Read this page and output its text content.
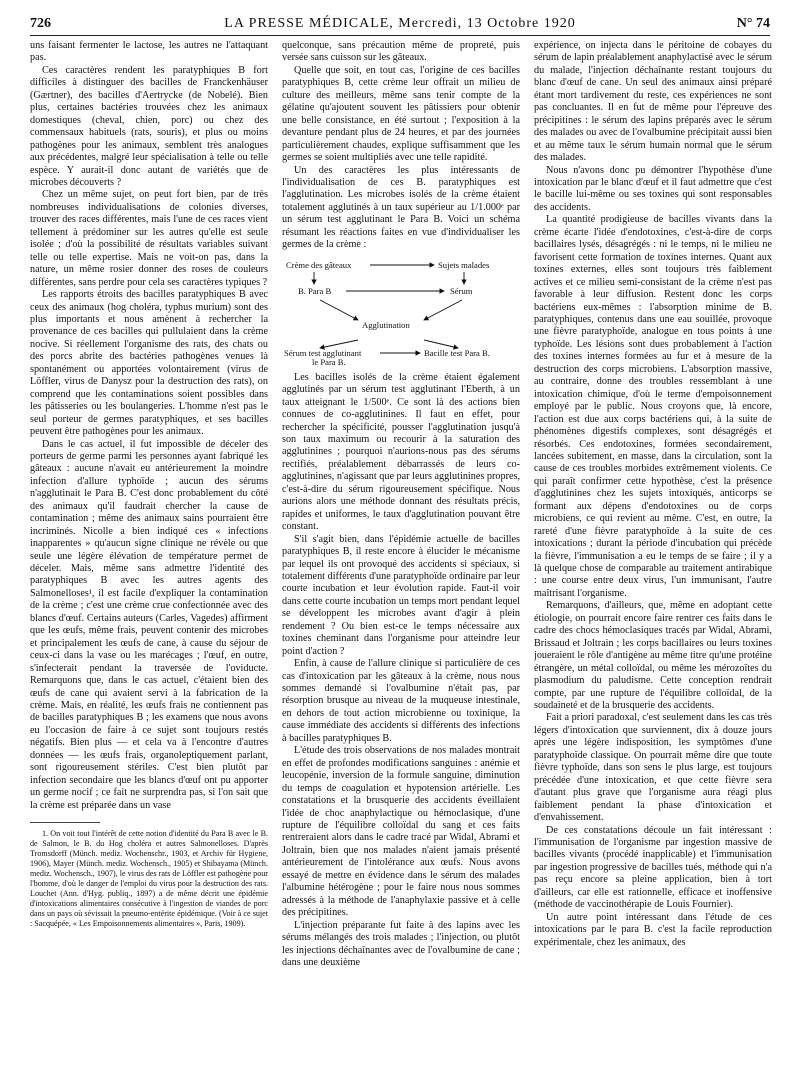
726	LA PRESSE MÉDICALE, Mercredi, 13 Octobre 1920	N° 74

uns faisant fermenter le lactose, les autres ne l'attaquant pas.

Ces caractères rendent les paratyphiques B fort difficiles à distinguer des bacilles de Franckenhäuser (Gærtner), des bacilles d'Aertrycke (de Nobelé). Bien plus, certaines bactéries trouvées chez les animaux domestiques (cheval, chien, porc) ou chez des commensaux habituels (rats, souris), et plus ou moins pathogènes pour les animaux, semblent très analogues aux précédentes, malgré leur spécialisation à telle ou telle espèce. Y aurait-il donc autant de variétés que de microbes découverts ?

Chez un même sujet, on peut fort bien, par de très nombreuses individualisations de colonies diverses, trouver des races différentes, mais l'une de ces races vient tellement à prédominer sur les autres qu'elle est seule isolée ; d'où la possibilité de résultats variables suivant telle ou telle expertise. Mais ne voit-on pas, dans la nature, un même rosier donner des roses de couleurs différentes, sans perdre pour cela ses caractères typiques ?

Les rapports étroits des bacilles paratyphiques B avec ceux des animaux (hog choléra, typhus murium) sont des plus importants et nous amènent à rechercher la provenance de ces bacilles qui pullulaient dans la crème nocive. Si réellement l'organisme des rats, des chats ou des porcs abrite des bactéries pathogènes venues là spontanément ou apportées volontairement (virus de Löffler, virus de Danysz pour la destruction des rats), on comprend que les contaminations soient possibles dans les pâtisseries ou les boulangeries. L'homme n'est pas le seul porteur de germes paratyphiques, et ses bacilles peuvent être pathogènes pour les animaux.

Dans le cas actuel, il fut impossible de déceler des porteurs de germe parmi les personnes ayant fabriqué les gâteaux : aucune n'avait eu antérieurement la moindre infection d'allure typhoïde ; aucun des sérums n'agglutinait le Para B. C'est donc probablement du côté des animaux qu'il faudrait chercher la cause de contamination ; même des animaux sains pourraient être incriminés. Nicolle a bien indiqué ces « infections inapparentes » qu'aucun signe clinique ne révèle ou que seule une légère élévation de température permet de déceler. Mais, même sans admettre l'identité des paratyphiques B avec les autres agents des Salmonelloses¹, il est facile d'expliquer la contamination de la crème ; c'est une crème crue confectionnée avec des blancs d'œuf. Certains auteurs (Carles, Vagedes) affirment que les œufs, même frais, peuvent contenir des microbes et principalement les œufs de cane, à cause du séjour de ceux-ci dans la vase ou les marécages ; l'œuf, en outre, s'infecterait pendant la traversée de l'oviducte. Remarquons que, dans le cas actuel, c'étaient bien des œufs de cane qui avaient servi à la fabrication de la crème. Mais, en réalité, les œufs frais ne contiennent pas de bacilles paratyphiques B ; les examens que nous avons eu l'occasion de faire à ce sujet sont toujours restés négatifs. Bien plus — et cela va à l'encontre d'autres données — les œufs frais, organoleptiquement parlant, sont rigoureusement stériles. C'est bien plutôt par infection secondaire que les blancs d'œuf ont pu apporter un germe nocif ; ce fait ne surprendra pas, si l'on sait que la crème est préparée dans un vase

1. On voit tout l'intérêt de cette notion d'identité du Para B avec le B. de Salmon, le B. du Hog choléra et autres Salmonelloses. D'après Tromsdorff (Münch. mediz. Wochenschr., 1903, et Archiv für Hygiene, 1906), Mayer (Münch. mediz. Wochensch., 1905) et Shibayama (Münch. mediz. Wochensch., 1907), le virus des rats de Löffler est pathogène pour l'homme, d'où le danger de l'emploi du virus pour la destruction des rats. Louchet (Ann. d'Hyg. publiq., 1897) a de même décrit une épidémie d'intoxications alimentaires consécutive à l'ingestion de viandes de porc dans un pays où sévissait la pneumo-entérite épidémique. (Voir à ce sujet : Sacquépée, « Les Empoisonnements alimentaires », Paris, 1909).

quelconque, sans précaution même de propreté, puis versée sans cuisson sur les gâteaux.

Quelle que soit, en tout cas, l'origine de ces bacilles paratyphiques B, cette crème leur offrait un milieu de culture des meilleurs, même sans tenir compte de la gélatine qu'ajoutent souvent les pâtissiers pour obtenir une belle consistance, en été surtout ; l'exposition à la devanture pendant plus de 24 heures, et par des journées particulièrement chaudes, explique suffisamment que les germes se soient multipliés avec une telle rapidité.

Un des caractères les plus intéressants de l'individualisation de ces B. paratyphiques est l'agglutination. Les microbes isolés de la crème étaient totalement agglutinés à un taux supérieur au 1/1.000ᵉ par un sérum test agglutinant le Para B. Voici un schéma résumant les réactions faites en vue d'individualiser les germes de la crème :

Crème des gâteaux	Sujets malades
B. Para B	Sérum
Agglutination
Sérum test agglutinant
le Para B.
Bacille test Para B.

Les bacilles isolés de la crème étaient également agglutinés par un sérum test agglutinant l'Eberth, à un taux atteignant le 1/500ᵉ. Ce sont là des actions bien connues de co-agglutinines. Il faut en effet, pour rechercher la spécificité, pousser l'agglutination jusqu'à son taux maximum ou recourir à la saturation des agglutinines ; pourquoi n'aurions-nous pas des sérums rectifiés, préalablement débarrassés de leurs co-agglutinines, n'agissant que par leurs agglutinines propres, c'est-à-dire du sérum rigoureusement spécifique. Nous aurions alors une méthode donnant des résultats précis, rapides et uniformes, le taux d'agglutination pouvant être constant.

S'il s'agit bien, dans l'épidémie actuelle de bacilles paratyphiques B, il reste encore à élucider le mécanisme par lequel ils ont provoqué des accidents si spéciaux, si totalement différents d'une paratyphoïde ordinaire par leur courte incubation et leur évolution rapide. Faut-il voir dans cette courte incubation un temps mort pendant lequel se développent les microbes avant d'agir à plein rendement ? Ou bien est-ce le temps nécessaire aux toxines cheminant dans l'organisme pour atteindre leur point d'action ?

Enfin, à cause de l'allure clinique si particulière de ces cas d'intoxication par les gâteaux à la crème, nous nous sommes demandé si l'ovalbumine n'était pas, par résorption brusque au niveau de la muqueuse intestinale, en dehors de tout action microbienne ou toxinique, la cause immédiate des accidents si différents des infections à bacilles paratyphiques B.

L'étude des trois observations de nos malades montrait en effet de profondes modifications sanguines : anémie et leucopénie, inversion de la formule sanguine, diminution du temps de coagulation et hypotension artérielle. Les constatations et la brusquerie des accidents éveillaient l'idée de choc anaphylactique ou hémoclasique, d'une rupture de l'équilibre colloïdal du sang et ces faits rentreraient alors dans le cadre tracé par Widal, Abrami et Joltrain, bien que nos malades n'aient jamais présenté antérieurement de l'intolérance aux œufs. Nous avons essayé de mettre en évidence dans le sérum des malades l'albumine hétérogène ; pour le faire nous nous sommes adressés à la méthode de l'anaphylaxie passive et à celle des précipitines.

L'injection préparante fut faite à des lapins avec les sérums mélangés des trois malades ; l'injection, ou plutôt les injections déchaînantes avec de l'ovalbumine de cane ; dans une deuxième

expérience, on injecta dans le péritoine de cobayes du sérum de lapin préalablement anaphylactisé avec le sérum du malade, l'injection déchaînante restant toujours du blanc d'œuf de cane. Un seul des animaux ainsi préparé étant mort tardivement du reste, ces expériences ne sont pas concluantes. Il en fut de même pour l'épreuve des précipitines : le sérum des lapins préparés avec le sérum des malades ou avec de l'ovalbumine précipitait aussi bien et au même taux le sérum humain normal que le sérum des malades.

Nous n'avons donc pu démontrer l'hypothèse d'une intoxication par le blanc d'œuf et il faut admettre que c'est le bacille lui-même ou ses toxines qui sont responsables des accidents.

La quantité prodigieuse de bacilles vivants dans la crème écarte l'idée d'endotoxines, c'est-à-dire de corps bacillaires lysés, désagrégés : ni le temps, ni le milieu ne favorisent cette formation de toxines internes. Quant aux toxines externes, elles sont toujours très faiblement actives et ce milieu semi-consistant de la crème n'est pas favorable à leur diffusion. Restent donc les corps bactériens eux-mêmes : l'absorption minime de B. paratyphiques, contenus dans une eau souillée, provoque une fièvre paratyphoïde, analogue en tous points à une typhoïde. Les lésions sont dues probablement à l'action des toxines internes formées au fur et à mesure de la destruction des corps microbiens. L'absorption massive, au contraire, donne des troubles ressemblant à une intoxication chimique, d'où le terme d'empoisonnement employé par le public. Nous croyons que, là encore, l'action est due aux corps bactériens qui, à la suite de phénomènes digestifs complexes, sont désagrégés et résorbés. Ces endotoxines, formées secondairement, lancées subitement, en masse, dans la circulation, sont la cause de ces troubles morbides extrêmement violents. Ce qui paraît confirmer cette hypothèse, c'est la présence d'agglutinines chez les sujets intoxiqués, anticorps se formant aux dépens d'endotoxines ou de corps microbiens, ce qui revient au même. C'est, en outre, la rareté d'une fièvre paratyphoïde à la suite de ces intoxications ; durant la période d'incubation qui précède la fièvre, l'immunisation a eu le temps de se faire ; il y a là quelque chose de comparable au traitement antirabique : une course entre deux virus, l'un immunisant, l'autre maîtrisant l'organisme.

Remarquons, d'ailleurs, que, même en adoptant cette étiologie, on pourrait encore faire rentrer ces faits dans le cadre des chocs hémoclasiques tracés par Widal, Abrami, Brissaud et Joltrain ; les corps bacillaires ou leurs toxines joueraient le rôle d'antigène au même titre qu'une protéine étrangère, un métal colloïdal, ou même les mérozoïtes du plasmodium du paludisme. Cette conception rendrait compte, par une rupture de l'équilibre colloïdal, de la soudaineté et de la brusquerie des accidents.

Fait a priori paradoxal, c'est seulement dans les cas très légers d'intoxication que surviennent, dix à douze jours après une légère indisposition, les symptômes d'une paratyphoïde classique. On pourrait même dire que toute fièvre typhoïde, dans son sens le plus large, est toujours précédée d'une intoxication, et que cette fièvre sera d'autant plus grave que l'organisme aura réagi plus faiblement pendant la phase d'intoxication et d'envahissement.

De ces constatations découle un fait intéressant : l'immunisation de l'organisme par ingestion massive de bacilles vivants (procédé inapplicable) et l'immunisation par ingestion progressive de bacilles tués, méthode qui n'a pas reçu encore sa pleine application, bien à tort d'ailleurs, car elle est rationnelle, efficace et inoffensive (méthode de vaccinothérapie de Louis Fournier).

Un autre point intéressant dans l'étude de ces intoxications par le para B. c'est la facile reproduction expérimentale, chez les animaux, des
